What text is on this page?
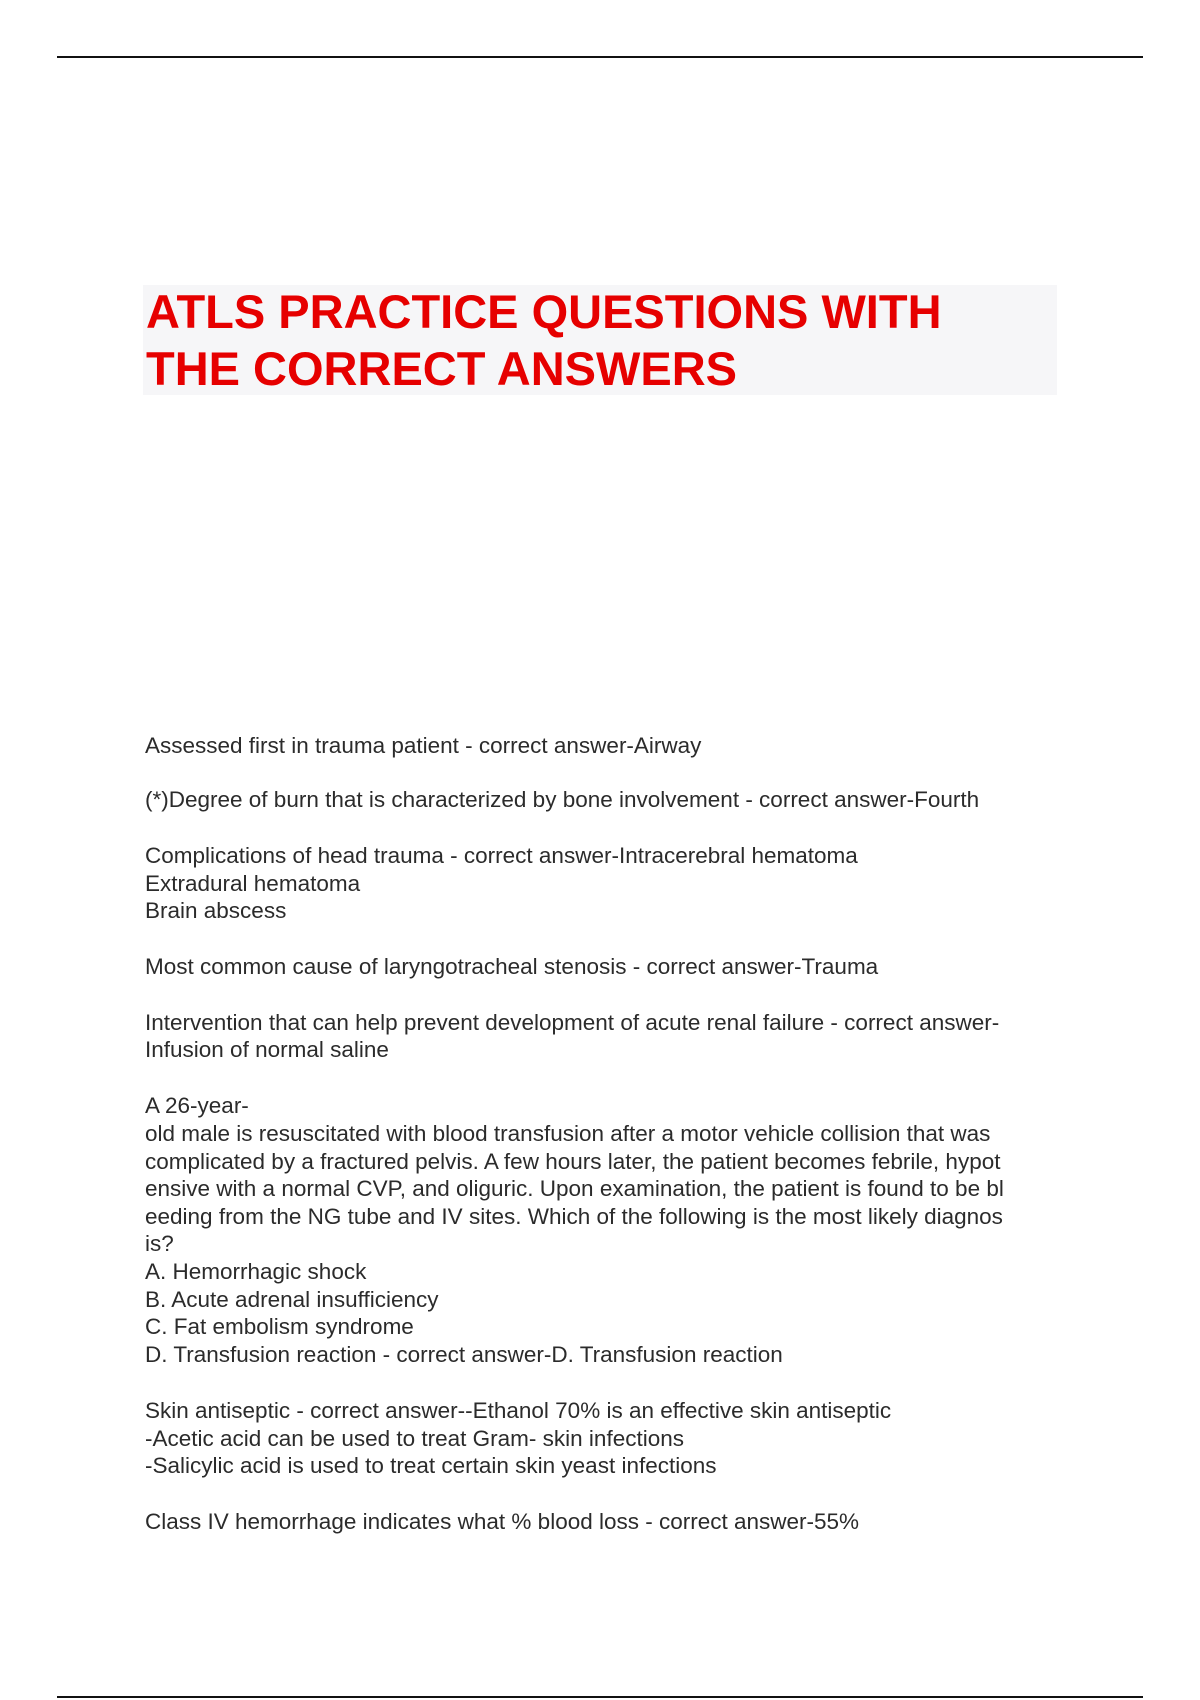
ATLS PRACTICE QUESTIONS WITH
THE CORRECT ANSWERS

Assessed first in trauma patient - correct answer-Airway

(*)Degree of burn that is characterized by bone involvement - correct answer-Fourth

Complications of head trauma - correct answer-Intracerebral hematoma

Extradural hematoma

Brain abscess

Most common cause of laryngotracheal stenosis - correct answer-Trauma

Intervention that can help prevent development of acute renal failure - correct answer-

Infusion of normal saline

A 26-year-

old male is resuscitated with blood transfusion after a motor vehicle collision that was

complicated by a fractured pelvis. A few hours later, the patient becomes febrile, hypot

ensive with a normal CVP, and oliguric. Upon examination, the patient is found to be bl

eeding from the NG tube and IV sites. Which of the following is the most likely diagnos

is?

A. Hemorrhagic shock

B. Acute adrenal insufficiency

C. Fat embolism syndrome

D. Transfusion reaction - correct answer-D. Transfusion reaction

Skin antiseptic - correct answer--Ethanol 70% is an effective skin antiseptic

-Acetic acid can be used to treat Gram- skin infections

-Salicylic acid is used to treat certain skin yeast infections

Class IV hemorrhage indicates what % blood loss - correct answer-55%
